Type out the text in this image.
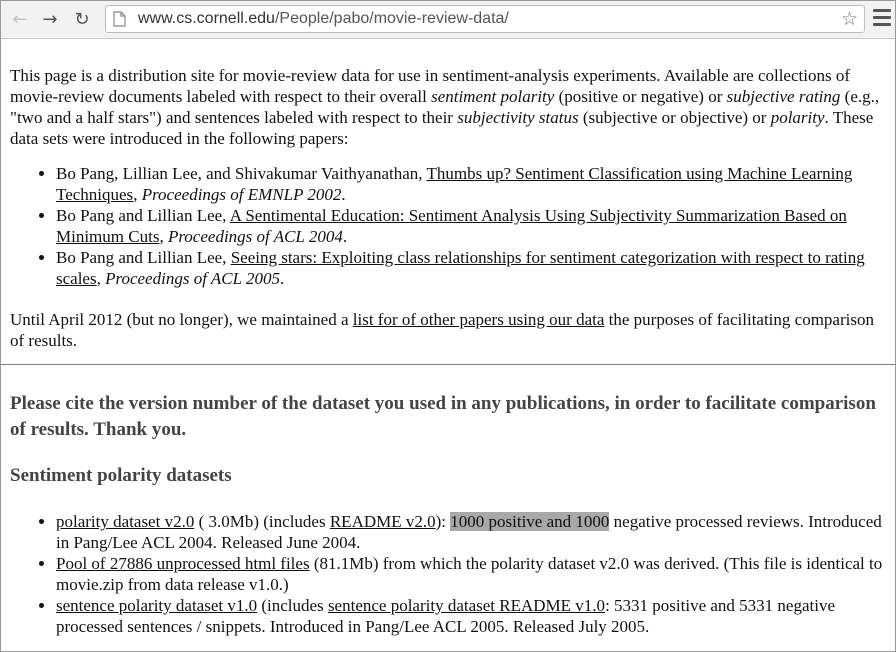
← → ↻	www.cs.cornell.edu/People/pabo/movie-review-data/	☆

This page is a distribution site for movie-review data for use in sentiment-analysis experiments. Available are collections of movie-review documents labeled with respect to their overall sentiment polarity (positive or negative) or subjective rating (e.g., "two and a half stars") and sentences labeled with respect to their subjectivity status (subjective or objective) or polarity. These data sets were introduced in the following papers:

• Bo Pang, Lillian Lee, and Shivakumar Vaithyanathan, Thumbs up? Sentiment Classification using Machine Learning Techniques, Proceedings of EMNLP 2002.
• Bo Pang and Lillian Lee, A Sentimental Education: Sentiment Analysis Using Subjectivity Summarization Based on Minimum Cuts, Proceedings of ACL 2004.
• Bo Pang and Lillian Lee, Seeing stars: Exploiting class relationships for sentiment categorization with respect to rating scales, Proceedings of ACL 2005.

Until April 2012 (but no longer), we maintained a list for of other papers using our data the purposes of facilitating comparison of results.

Please cite the version number of the dataset you used in any publications, in order to facilitate comparison of results. Thank you.
Sentiment polarity datasets
• polarity dataset v2.0 ( 3.0Mb) (includes README v2.0): 1000 positive and 1000 negative processed reviews. Introduced in Pang/Lee ACL 2004. Released June 2004.
• Pool of 27886 unprocessed html files (81.1Mb) from which the polarity dataset v2.0 was derived. (This file is identical to movie.zip from data release v1.0.)
• sentence polarity dataset v1.0 (includes sentence polarity dataset README v1.0: 5331 positive and 5331 negative processed sentences / snippets. Introduced in Pang/Lee ACL 2005. Released July 2005.
